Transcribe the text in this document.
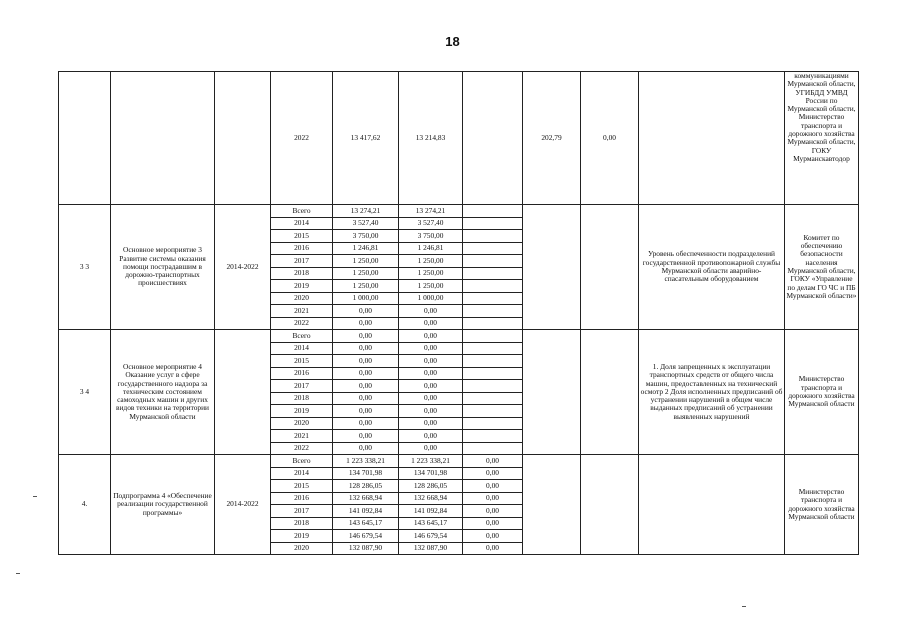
18
			2022	13 417,62	13 214,83		202,79	0,00		коммуникациями Мурманской области, УГИБДД УМВД России по Мурманской области, Министерство транспорта и дорожного хозяйства Мурманской области, ГОКУ Мурманскавтодор
3 3	Основное мероприятие 3 Развитие системы оказания помощи пострадавшим в дорожно-транспортных происшествиях	2014-2022	Всего	13 274,21	13 274,21				Уровень обеспеченности подразделений государственной противопожарной службы Мурманской области аварийно-спасательным оборудованием	Комитет по обеспечению безопасности населения Мурманской области, ГОКУ «Управление по делам ГО ЧС и ПБ Мурманской области»
			2014	3 527,40	3 527,40					
			2015	3 750,00	3 750,00					
			2016	1 246,81	1 246,81					
			2017	1 250,00	1 250,00					
			2018	1 250,00	1 250,00					
			2019	1 250,00	1 250,00					
			2020	1 000,00	1 000,00					
			2021	0,00	0,00					
			2022	0,00	0,00					
3 4	Основное мероприятие 4 Оказание услуг в сфере государственного надзора за техническим состоянием самоходных машин и других видов техники на территории Мурманской области		Всего	0,00	0,00				1. Доля запрещенных к эксплуатации транспортных средств от общего числа машин, предоставленных на технический осмотр 2 Доля исполненных предписаний об устранении нарушений в общем числе выданных предписаний об устранении выявленных нарушений	Министерство транспорта и дорожного хозяйства Мурманской области
			2014	0,00	0,00					
			2015	0,00	0,00					
			2016	0,00	0,00					
			2017	0,00	0,00					
			2018	0,00	0,00					
			2019	0,00	0,00					
			2020	0,00	0,00					
			2021	0,00	0,00					
			2022	0,00	0,00					
4.	Подпрограмма 4 «Обеспечение реализации государственной программы»	2014-2022	Всего	1 223 338,21	1 223 338,21	0,00				Министерство транспорта и дорожного хозяйства Мурманской области
			2014	134 701,98	134 701,98	0,00				
			2015	128 286,05	128 286,05	0,00				
			2016	132 668,94	132 668,94	0,00				
			2017	141 092,84	141 092,84	0,00				
			2018	143 645,17	143 645,17	0,00				
			2019	146 679,54	146 679,54	0,00				
			2020	132 087,90	132 087,90	0,00				
